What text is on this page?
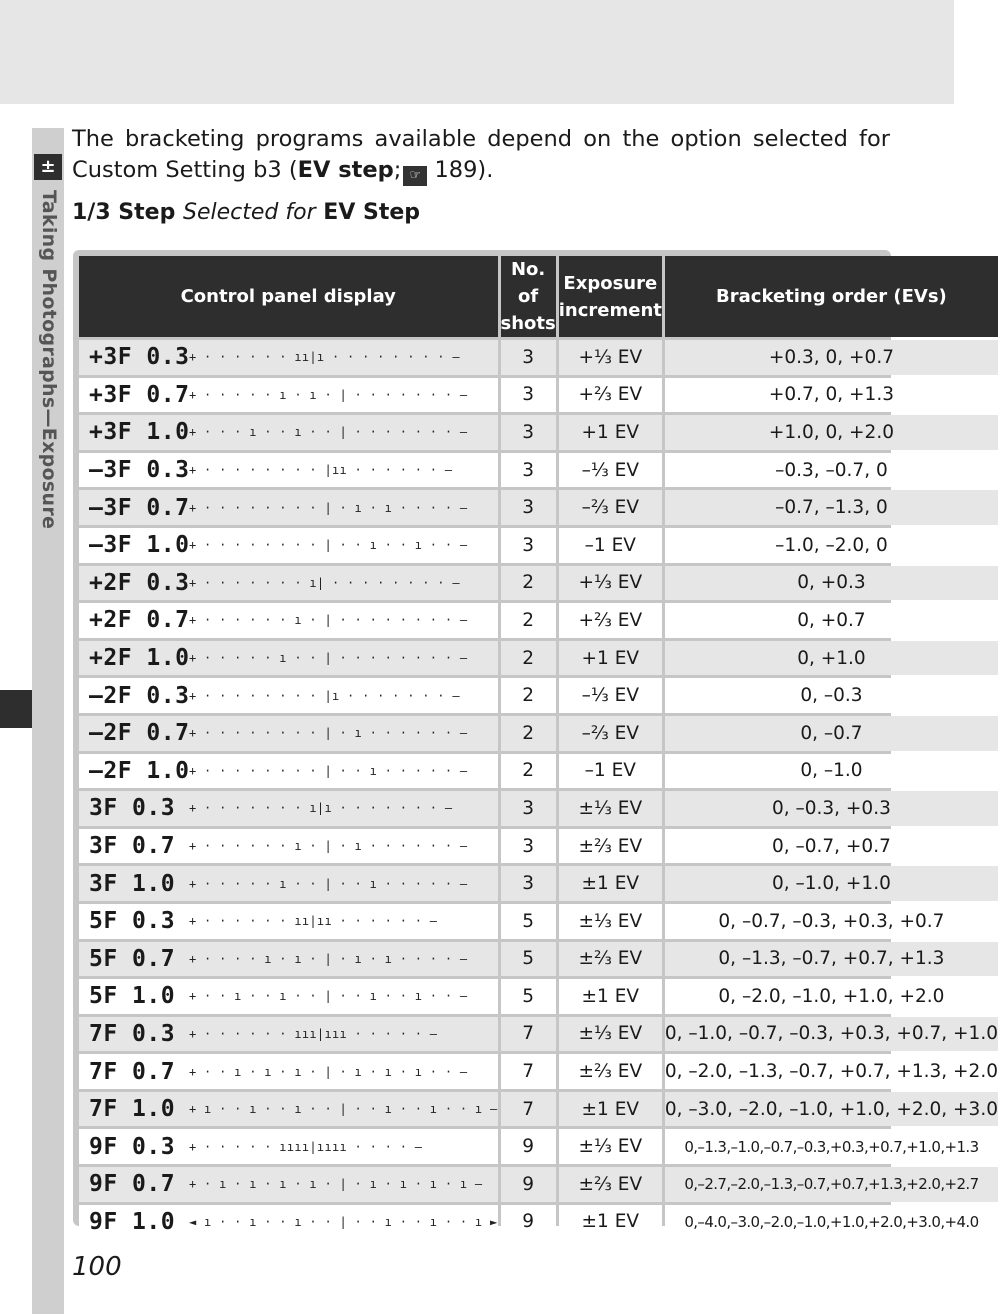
±
Taking Photographs—Exposure
The bracketing programs available depend on the option selected for Custom Setting b3 (EV step; ☞ 189).
1/3 Step Selected for EV Step
Control panel display	No. of shots	Exposure increment	Bracketing order (EVs)
+3F 0.3+ · · · · · · ıı|ı · · · · · · · · –	3	+⅓ EV	+0.3, 0, +0.7
+3F 0.7+ · · · · · ı · ı · | · · · · · · · –	3	+⅔ EV	+0.7, 0, +1.3
+3F 1.0+ · · · ı · · ı · · | · · · · · · · –	3	+1 EV	+1.0, 0, +2.0
–3F 0.3+ · · · · · · · · |ıı · · · · · · –	3	–⅓ EV	–0.3, –0.7, 0
–3F 0.7+ · · · · · · · · | · ı · ı · · · · –	3	–⅔ EV	–0.7, –1.3, 0
–3F 1.0+ · · · · · · · · | · · ı · · ı · · –	3	–1 EV	–1.0, –2.0, 0
+2F 0.3+ · · · · · · · ı| · · · · · · · · –	2	+⅓ EV	0, +0.3
+2F 0.7+ · · · · · · ı · | · · · · · · · · –	2	+⅔ EV	0, +0.7
+2F 1.0+ · · · · · ı · · | · · · · · · · · –	2	+1 EV	0, +1.0
–2F 0.3+ · · · · · · · · |ı · · · · · · · –	2	–⅓ EV	0, –0.3
–2F 0.7+ · · · · · · · · | · ı · · · · · · –	2	–⅔ EV	0, –0.7
–2F 1.0+ · · · · · · · · | · · ı · · · · · –	2	–1 EV	0, –1.0
3F 0.3 + · · · · · · · ı|ı · · · · · · · –	3	±⅓ EV	0, –0.3, +0.3
3F 0.7 + · · · · · · ı · | · ı · · · · · · –	3	±⅔ EV	0, –0.7, +0.7
3F 1.0 + · · · · · ı · · | · · ı · · · · · –	3	±1 EV	0, –1.0, +1.0
5F 0.3 + · · · · · · ıı|ıı · · · · · · –	5	±⅓ EV	0, –0.7, –0.3, +0.3, +0.7
5F 0.7 + · · · · ı · ı · | · ı · ı · · · · –	5	±⅔ EV	0, –1.3, –0.7, +0.7, +1.3
5F 1.0 + · · ı · · ı · · | · · ı · · ı · · –	5	±1 EV	0, –2.0, –1.0, +1.0, +2.0
7F 0.3 + · · · · · · ııı|ııı · · · · · –	7	±⅓ EV	0, –1.0, –0.7, –0.3, +0.3, +0.7, +1.0
7F 0.7 + · · ı · ı · ı · | · ı · ı · ı · · –	7	±⅔ EV	0, –2.0, –1.3, –0.7, +0.7, +1.3, +2.0
7F 1.0 + ı · · ı · · ı · · | · · ı · · ı · · ı –	7	±1 EV	0, –3.0, –2.0, –1.0, +1.0, +2.0, +3.0
9F 0.3 + · · · · · ıııı|ıııı · · · · –	9	±⅓ EV	0,–1.3,–1.0,–0.7,–0.3,+0.3,+0.7,+1.0,+1.3
9F 0.7 + · ı · ı · ı · ı · | · ı · ı · ı · ı –	9	±⅔ EV	0,–2.7,–2.0,–1.3,–0.7,+0.7,+1.3,+2.0,+2.7
9F 1.0 ◄ ı · · ı · · ı · · | · · ı · · ı · · ı ►	9	±1 EV	0,–4.0,–3.0,–2.0,–1.0,+1.0,+2.0,+3.0,+4.0
100
